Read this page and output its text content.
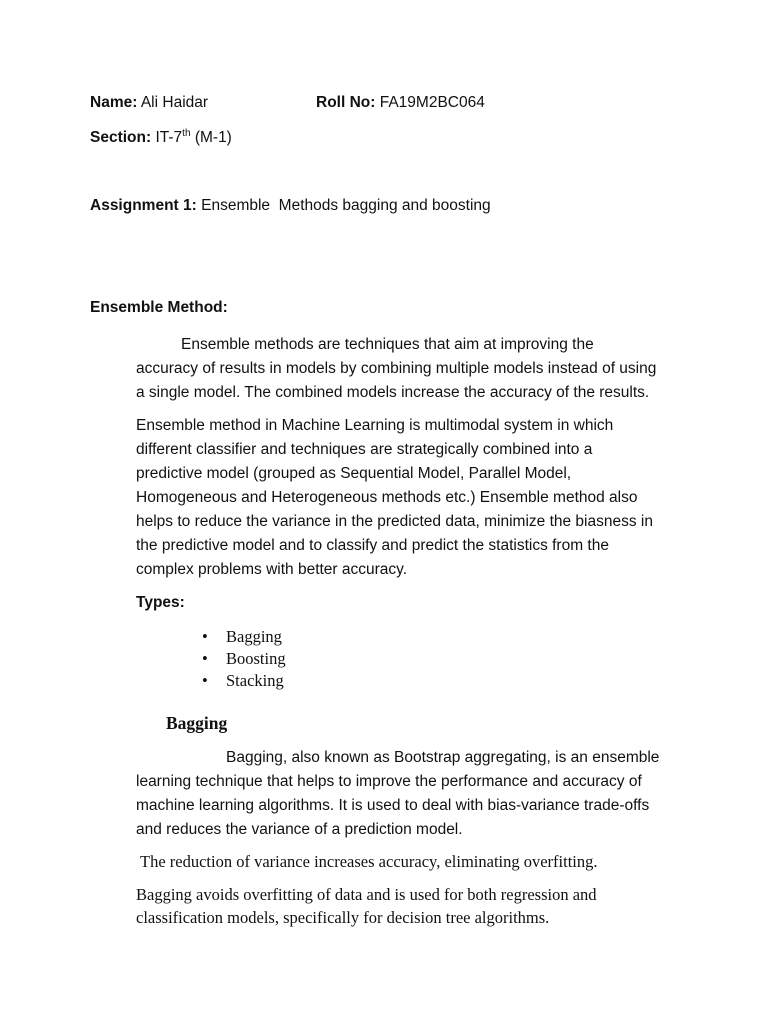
Name: Ali Haidar	Roll No: FA19M2BC064
Section: IT-7th (M-1)
Assignment 1: Ensemble  Methods bagging and boosting
Ensemble Method:
Ensemble methods are techniques that aim at improving the
accuracy of results in models by combining multiple models instead of using
a single model. The combined models increase the accuracy of the results.
Ensemble method in Machine Learning is multimodal system in which
different classifier and techniques are strategically combined into a
predictive model (grouped as Sequential Model, Parallel Model,
Homogeneous and Heterogeneous methods etc.) Ensemble method also
helps to reduce the variance in the predicted data, minimize the biasness in
the predictive model and to classify and predict the statistics from the
complex problems with better accuracy.
Types:
• Bagging
• Boosting
• Stacking
Bagging
Bagging, also known as Bootstrap aggregating, is an ensemble
learning technique that helps to improve the performance and accuracy of
machine learning algorithms. It is used to deal with bias-variance trade-offs
and reduces the variance of a prediction model.
The reduction of variance increases accuracy, eliminating overfitting.
Bagging avoids overfitting of data and is used for both regression and
classification models, specifically for decision tree algorithms.
